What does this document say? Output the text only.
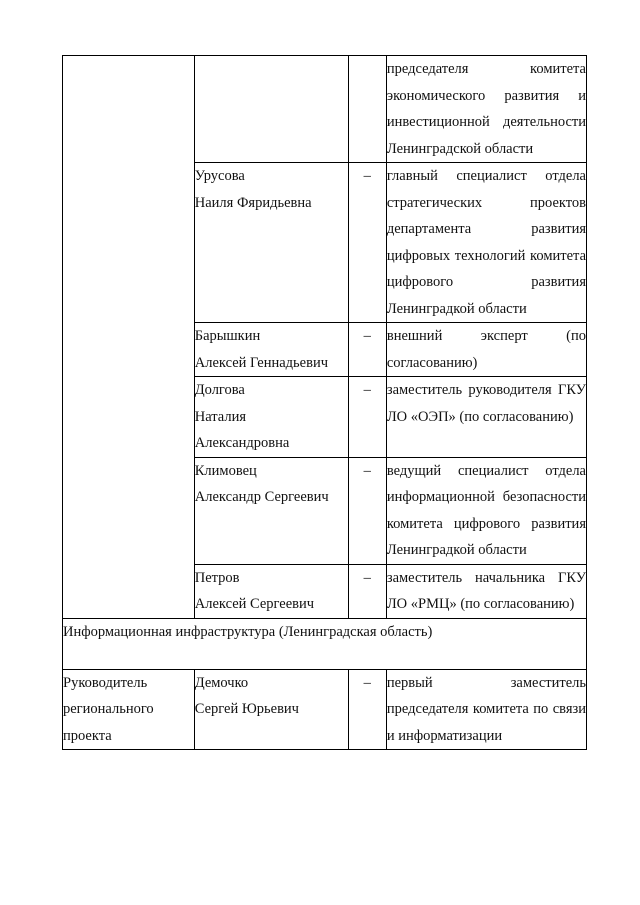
			председателя комитета экономического развития и инвестиционной деятельности Ленинградской области

	Урусова
Наиля Фяридьевна	–	главный специалист отдела стратегических проектов департамента развития цифровых технологий комитета цифрового развития Ленинградкой области

	Барышкин
Алексей Геннадьевич	–	внешний эксперт (по согласованию)

	Долгова
Наталия
Александровна	–	заместитель руководителя ГКУ ЛО «ОЭП» (по согласованию)

	Климовец
Александр Сергеевич	–	ведущий специалист отдела информационной безопасности комитета цифрового развития Ленинградкой области

	Петров
Алексей Сергеевич	–	заместитель начальника ГКУ ЛО «РМЦ» (по согласованию)

Информационная инфраструктура (Ленинградская область)			

Руководитель регионального проекта	Демочко
Сергей Юрьевич	–	первый заместитель председателя комитета по связи и информатизации
